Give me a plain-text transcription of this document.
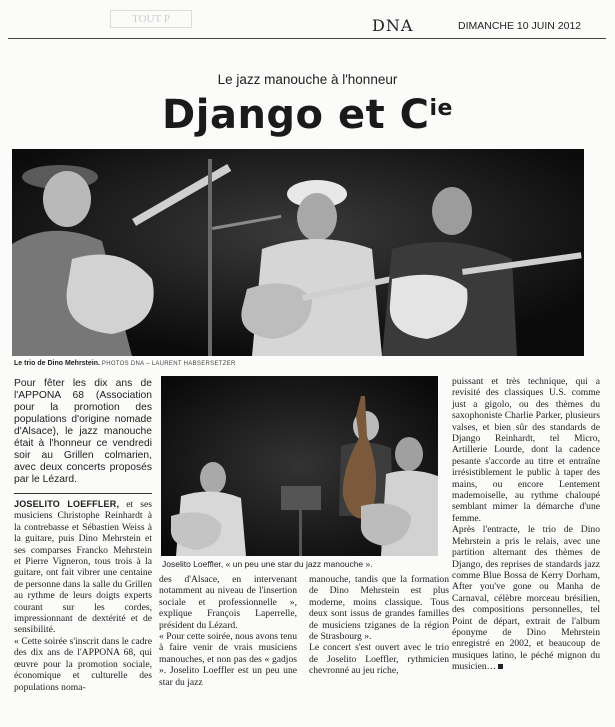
TOUT P	DNA	DIMANCHE 10 JUIN 2012
Le jazz manouche à l'honneur
Django et $C^{ie}$
Le trio de Dino Mehrstein. PHOTOS DNA – LAURENT HABSERSETZER
Pour fêter les dix ans de l'APPONA 68 (Association pour la promotion des populations d'origine nomade d'Alsace), le jazz manouche était à l'honneur ce vendredi soir au Grillen colmarien, avec deux concerts proposés par le Lézard.
Joselito Loeffler, « un peu une star du jazz manouche ».

JOSELITO LOEFFLER, et ses musiciens Christophe Reinhardt à la contrebasse et Sébastien Weiss à la guitare, puis Dino Mehrstein et ses comparses Francko Mehrstein et Pierre Vigneron, tous trois à la guitare, ont fait vibrer une centaine de personne dans la salle du Grillen au rythme de leurs doigts experts courant sur les cordes, impressionnant de dextérité et de sensibilité.

« Cette soirée s'inscrit dans le cadre des dix ans de l'APPONA 68, qui œuvre pour la promotion sociale, économique et culturelle des populations noma-

des d'Alsace, en intervenant notamment au niveau de l'insertion sociale et professionnelle », explique François Laperrelle, président du Lézard.

« Pour cette soirée, nous avons tenu à faire venir de vrais musiciens manouches, et non pas des « gadjos ». Joselito Loeffler est un peu une star du jazz

manouche, tandis que la formation de Dino Mehrstein est plus moderne, moins classique. Tous deux sont issus de grandes familles de musiciens tziganes de la région de Strasbourg ».

Le concert s'est ouvert avec le trio de Joselito Loeffler, rythmicien chevronné au jeu riche,

puissant et très technique, qui a revisité des classiques U.S. comme just a gigolo, ou des thèmes du saxophoniste Charlie Parker, plusieurs valses, et bien sûr des standards de Django Reinhardt, tel Micro, Artillerie Lourde, dont la cadence pesante s'accorde au titre et entraîne irrésistiblement le public à taper des mains, ou encore Lentement mademoiselle, au rythme chaloupé semblant mimer la démarche d'une femme.

Après l'entracte, le trio de Dino Mehrstein a pris le relais, avec une partition alternant des thèmes de Django, des reprises de standards jazz comme Blue Bossa de Kerry Dorham, After you've gone ou Manha de Carnaval, célèbre morceau brésilien, des compositions personnelles, tel Point de départ, extrait de l'album éponyme de Dino Mehrstein enregistré en 2002, et beaucoup de musiques latino, le péché mignon du musicien…
